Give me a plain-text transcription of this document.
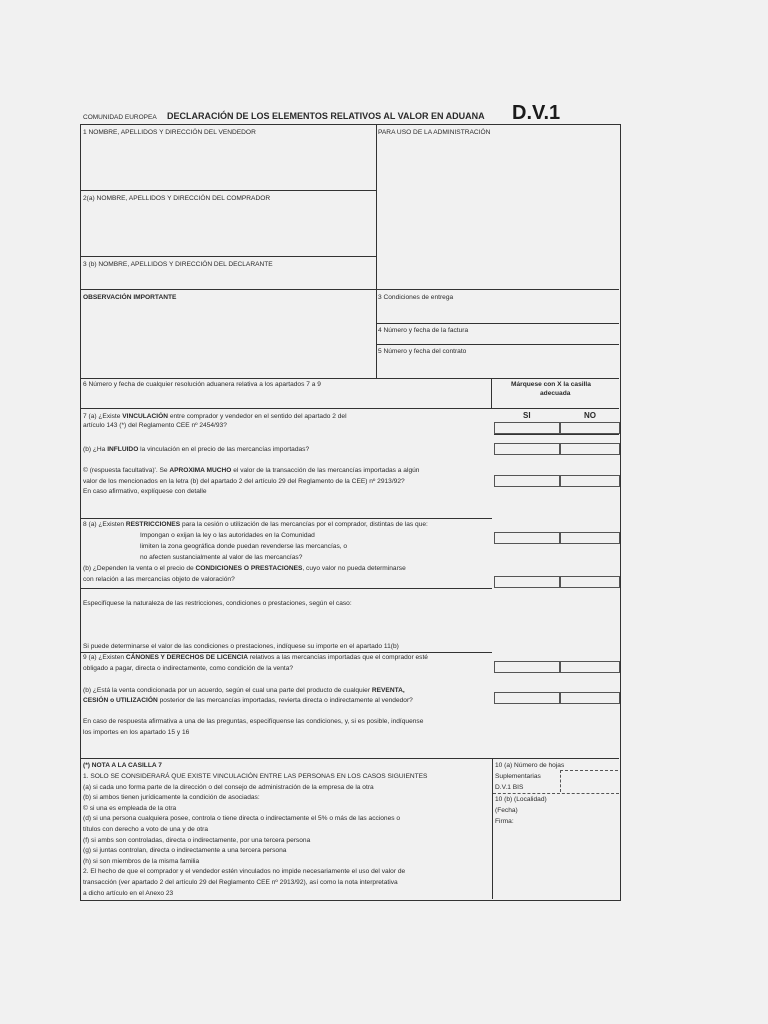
COMUNIDAD EUROPEA DECLARACIÓN DE LOS ELEMENTOS RELATIVOS AL VALOR EN ADUANA D.V.1
1 NOMBRE, APELLIDOS Y DIRECCIÓN DEL VENDEDOR	PARA USO DE LA ADMINISTRACIÓN
2(a) NOMBRE, APELLIDOS Y DIRECCIÓN DEL COMPRADOR
3 (b) NOMBRE, APELLIDOS Y DIRECCIÓN DEL DECLARANTE
OBSERVACIÓN IMPORTANTE	3 Condiciones de entrega
4 Número y fecha de la factura
5 Número y fecha del contrato
6 Número y fecha de cualquier resolución aduanera relativa a los apartados 7 a 9	Márquese con X la casilla
adecuada
SI	NO
7 (a) ¿Existe VINCULACIÓN entre comprador y vendedor en el sentido del apartado 2 del
artículo 143 (*) del Reglamento CEE nº 2454/93?
(b) ¿Ha INFLUIDO la vinculación en el precio de las mercancías importadas?
© (respuesta facultativa)'. Se APROXIMA MUCHO el valor de la transacción de las mercancías importadas a algún
valor de los mencionados en la letra (b) del apartado 2 del artículo 29 del Reglamento de la CEE) nº 2913/92?
En caso afirmativo, explíquese con detalle
8 (a) ¿Existen RESTRICCIONES para la cesión o utilización de las mercancías por el comprador, distintas de las que:
Impongan o exijan la ley o las autoridades en la Comunidad
limiten la zona geográfica donde puedan revenderse las mercancías, o
no afecten sustancialmente al valor de las mercancías?
(b) ¿Dependen la venta o el precio de CONDICIONES O PRESTACIONES, cuyo valor no pueda determinarse
con relación a las mercancías objeto de valoración?
Especifíquese la naturaleza de las restricciones, condiciones o prestaciones, según el caso:
Si puede determinarse el valor de las condiciones o prestaciones, indíquese su importe en el apartado 11(b)
9 (a) ¿Existen CÁNONES Y DERECHOS DE LICENCIA relativos a las mercancías importadas que el comprador esté
obligado a pagar, directa o indirectamente, como condición de la venta?
(b) ¿Está la venta condicionada por un acuerdo, según el cual una parte del producto de cualquier REVENTA,
CESIÓN o UTILIZACIÓN posterior de las mercancías importadas, revierta directa o indirectamente al vendedor?
En caso de respuesta afirmativa a una de las preguntas, especifíquense las condiciones, y, si es posible, indíquense
los importes en los apartado 15 y 16
(*) NOTA A LA CASILLA 7
1. SOLO SE CONSIDERARÁ QUE EXISTE VINCULACIÓN ENTRE LAS PERSONAS EN LOS CASOS SIGUIENTES
(a) si cada uno forma parte de la dirección o del consejo de administración de la empresa de la otra
(b) si ambos tienen jurídicamente la condición de asociadas:
© si una es empleada de la otra
(d) si una persona cualquiera posee, controla o tiene directa o indirectamente el 5% o más de las acciones o
títulos con derecho a voto de una y de otra
(f) si ambs son controladas, directa o indirectamente, por una tercera persona
(g) si juntas controlan, directa o indirectamente a una tercera persona
(h) si son miembros de la misma familia
2. El hecho de que el comprador y el vendedor estén vinculados no impide necesariamente el uso del valor de
transacción (ver apartado 2 del artículo 29 del Reglamento CEE nº 2913/92), así como la nota interpretativa
a dicho artículo en el Anexo 23
10 (a) Número de hojas
Suplementarias
D.V.1 BIS
10 (b) (Localidad)
(Fecha)
Firma:
